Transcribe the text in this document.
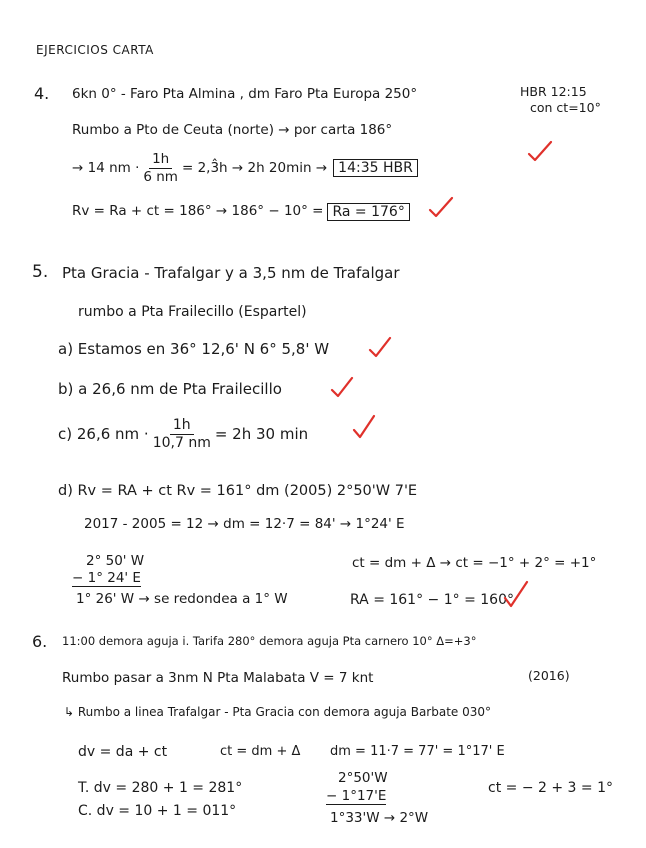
EJERCICIOS CARTA
4. 6kn 0° - Faro Pta Almina , dm Faro Pta Europa 250°	HBR 12:15
con ct=10°
Rumbo a Pto de Ceuta (norte) → por carta 186°
→ 14 nm · $\frac{1h}{6 nm}$ = 2,3̂h → 2h 20min → 14:35 HBR
Rv = Ra + ct = 186° → 186° − 10° = Ra = 176°
5. Pta Gracia - Trafalgar y a 3,5 nm de Trafalgar
rumbo a Pta Frailecillo (Espartel)
a) Estamos en 36° 12,6' N 6° 5,8' W
b) a 26,6 nm de Pta Frailecillo
c) 26,6 nm · $\frac{1h}{10,7 nm} = 2h$ 30 min
d) Rv = RA + ct Rv = 161° dm (2005) 2°50'W 7'E
2017 - 2005 = 12 → dm = 12·7 = 84' → 1°24' E
2° 50' W
− 1° 24' E
1° 26' W → se redondea a 1° W
ct = dm + Δ → ct = −1° + 2° = +1°
RA = 161° − 1° = 160°
6. 11:00 demora aguja i. Tarifa 280° demora aguja Pta carnero 10° Δ=+3°
Rumbo pasar a 3nm N Pta Malabata V = 7 knt	(2016)
↳ Rumbo a linea Trafalgar - Pta Gracia con demora aguja Barbate 030°
dv = da + ct	ct = dm + Δ dm = 11·7 = 77' = 1°17' E
T. dv = 280 + 1 = 281°
C. dv = 10 + 1 = 011°
2°50'W
− 1°17'E
1°33'W → 2°W
ct = − 2 + 3 = 1°
